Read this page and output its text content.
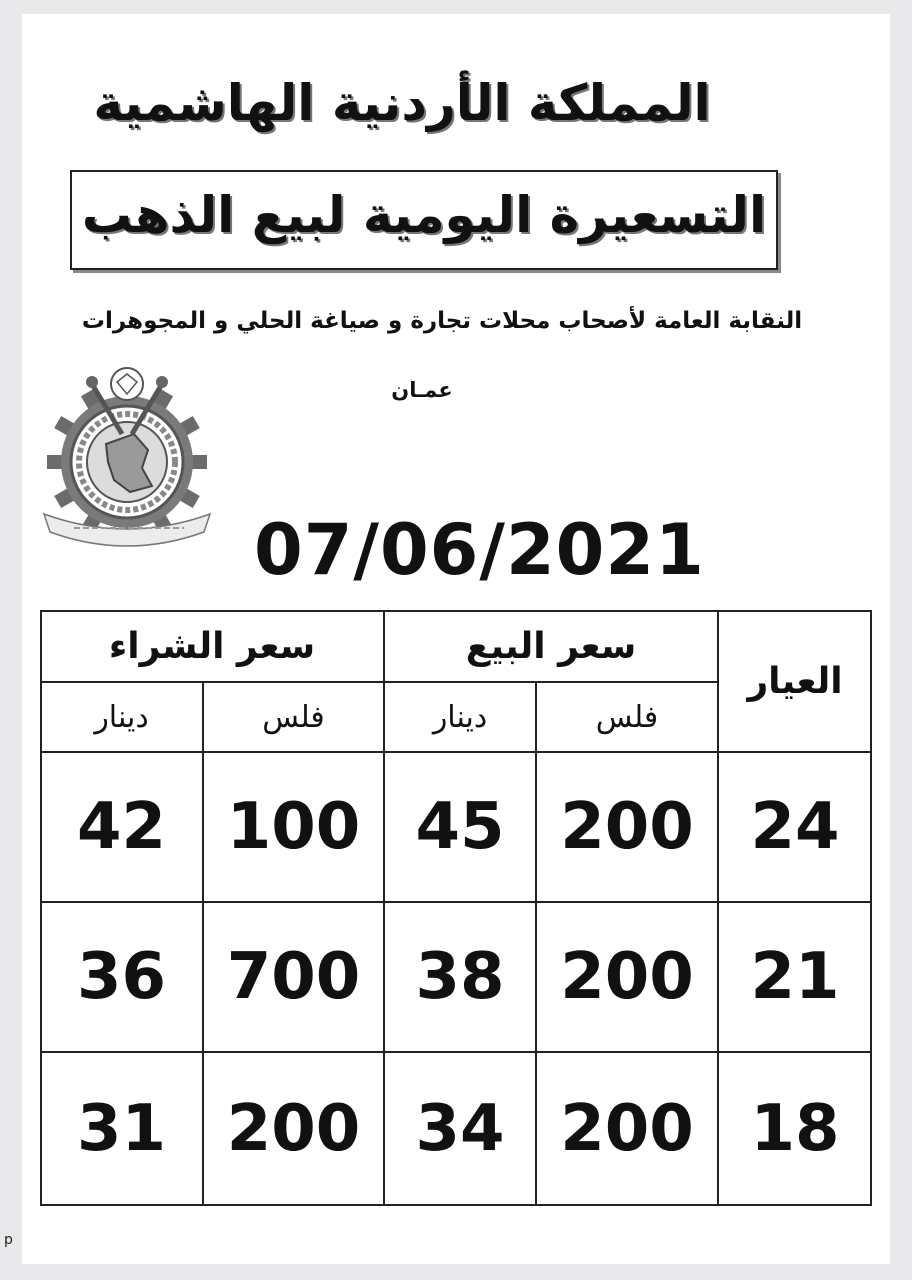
المملكة الأردنية الهاشمية
التسعيرة اليومية لبيع الذهب
النقابة العامة لأصحاب محلات تجارة و صياغة الحلي و المجوهرات
عمـان
07/06/2021
العيار
سعر البيع
سعر الشراء
فلس
دينار
فلس
دينار
24
200
45
100
42
21
200
38
700
36
18
200
34
200
31
p
